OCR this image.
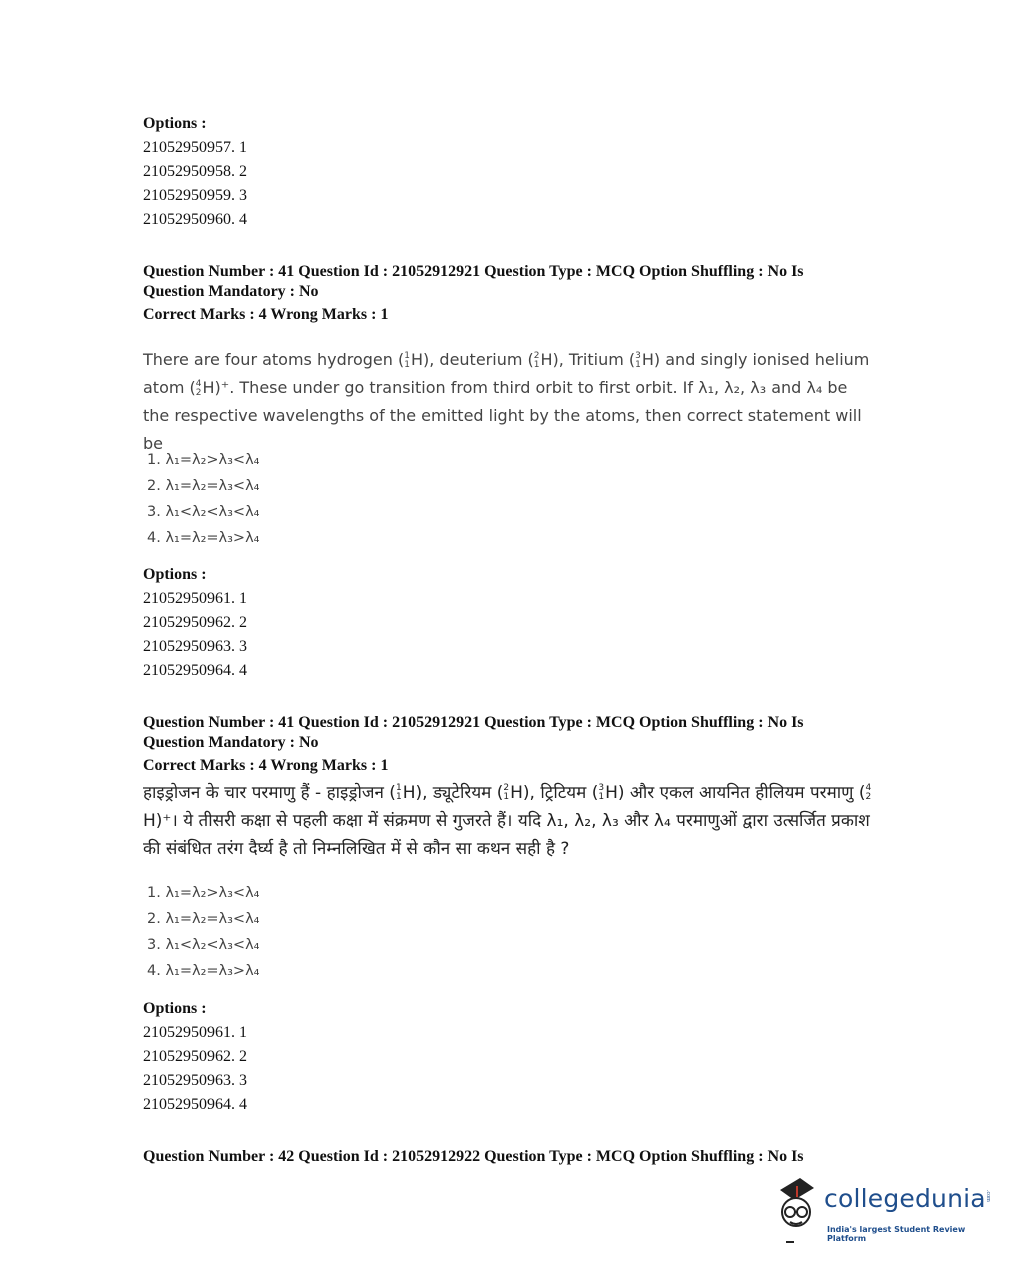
Options :
21052950957. 1
21052950958. 2
21052950959. 3
21052950960. 4
Question Number : 41 Question Id : 21052912921 Question Type : MCQ Option Shuffling : No Is
Question Mandatory : No
Correct Marks : 4 Wrong Marks : 1
There are four atoms hydrogen ( 1
1 H), deuterium ( 2
1 H), Tritium ( 3
1 H) and singly ionised helium atom ( 4
2 H)⁺. These under go transition from third orbit to first orbit. If λ₁, λ₂, λ₃ and λ₄ be the respective wavelengths of the emitted light by the atoms, then correct statement will be
1. λ₁=λ₂>λ₃<λ₄
2. λ₁=λ₂=λ₃<λ₄
3. λ₁<λ₂<λ₃<λ₄
4. λ₁=λ₂=λ₃>λ₄
Options :
21052950961. 1
21052950962. 2
21052950963. 3
21052950964. 4
Question Number : 41 Question Id : 21052912921 Question Type : MCQ Option Shuffling : No Is
Question Mandatory : No
Correct Marks : 4 Wrong Marks : 1
हाइड्रोजन के चार परमाणु हैं - हाइड्रोजन ( 1
1 H), ड्यूटेरियम ( 2
1 H), ट्रिटियम ( 3
1 H) और एकल आयनित हीलियम परमाणु ( 4
2
H)⁺। ये तीसरी कक्षा से पहली कक्षा में संक्रमण से गुजरते हैं। यदि λ₁, λ₂, λ₃ और λ₄ परमाणुओं द्वारा उत्सर्जित प्रकाश की संबंधित तरंग दैर्घ्य है तो निम्नलिखित में से कौन सा कथन सही है ?
1. λ₁=λ₂>λ₃<λ₄
2. λ₁=λ₂=λ₃<λ₄
3. λ₁<λ₂<λ₃<λ₄
4. λ₁=λ₂=λ₃>λ₄
Options :
21052950961. 1
21052950962. 2
21052950963. 3
21052950964. 4
Question Number : 42 Question Id : 21052912922 Question Type : MCQ Option Shuffling : No Is
collegedunia .com
India's largest Student Review Platform
